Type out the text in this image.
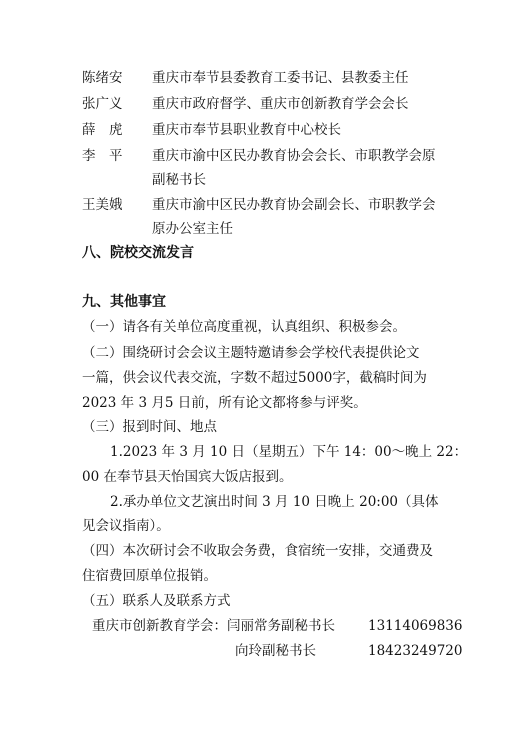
陈绪安 重庆市奉节县委教育工委书记、县教委主任
张广义 重庆市政府督学、重庆市创新教育学会会长
薛　虎 重庆市奉节县职业教育中心校长
李　平 重庆市渝中区民办教育协会会长、市职教学会原
副秘书长
王美娥 重庆市渝中区民办教育协会副会长、市职教学会
原办公室主任
八、院校交流发言
九、其他事宜
（一）请各有关单位高度重视，认真组织、积极参会。
（二）围绕研讨会会议主题特邀请参会学校代表提供论文
一篇，供会议代表交流，字数不超过5000字，截稿时间为
2023 年 3 月5 日前，所有论文都将参与评奖。
（三）报到时间、地点
1.2023 年 3 月 10 日（星期五）下午 14：00～晚上 22：
00 在奉节县天怡国宾大饭店报到。
2.承办单位文艺演出时间 3 月 10 日晚上 20:00（具体
见会议指南）。
（四）本次研讨会不收取会务费，食宿统一安排，交通费及
住宿费回原单位报销。
（五）联系人及联系方式
重庆市创新教育学会：闫丽常务副秘书长 13114069836
向玲副秘书长	18423249720
